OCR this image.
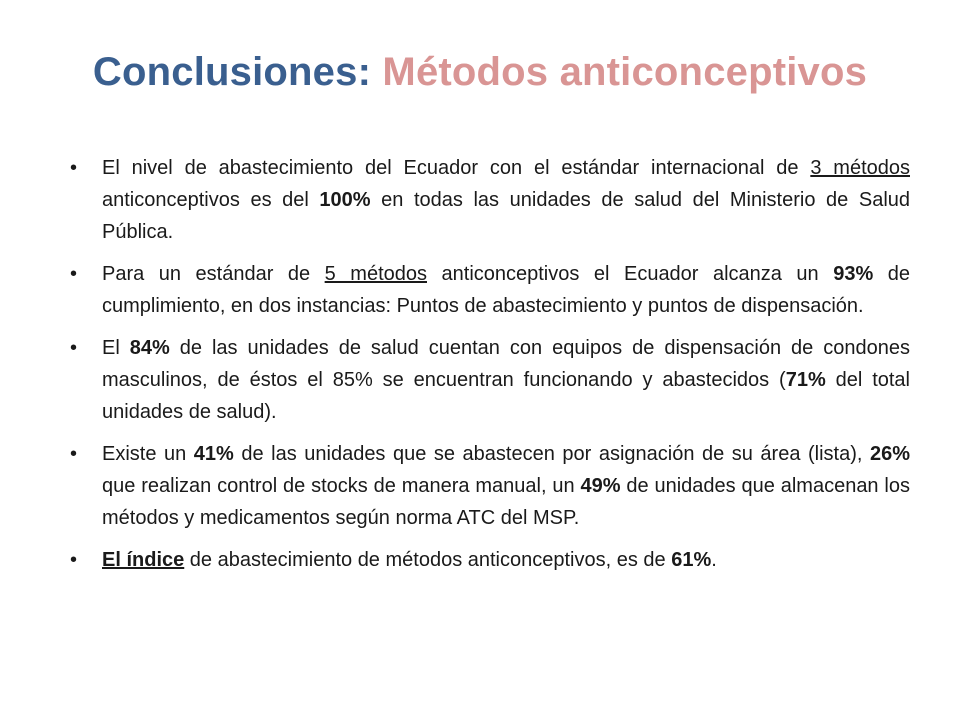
Conclusiones: Métodos anticonceptivos
•	El nivel de abastecimiento del Ecuador con el estándar internacional de 3 métodos anticonceptivos es del 100% en todas las unidades de salud del Ministerio de Salud Pública.
•	Para un estándar de 5 métodos anticonceptivos el Ecuador alcanza un 93% de cumplimiento, en dos instancias: Puntos de abastecimiento y puntos de dispensación.
•	El 84% de las unidades de salud cuentan con equipos de dispensación de condones masculinos, de éstos el 85% se encuentran funcionando y abastecidos (71% del total unidades de salud).
•	Existe un 41% de las unidades que se abastecen por asignación de su área (lista), 26% que realizan control de stocks de manera manual, un 49% de unidades que almacenan los métodos y medicamentos según norma ATC del MSP.
•	El índice de abastecimiento de métodos anticonceptivos, es de 61%.
